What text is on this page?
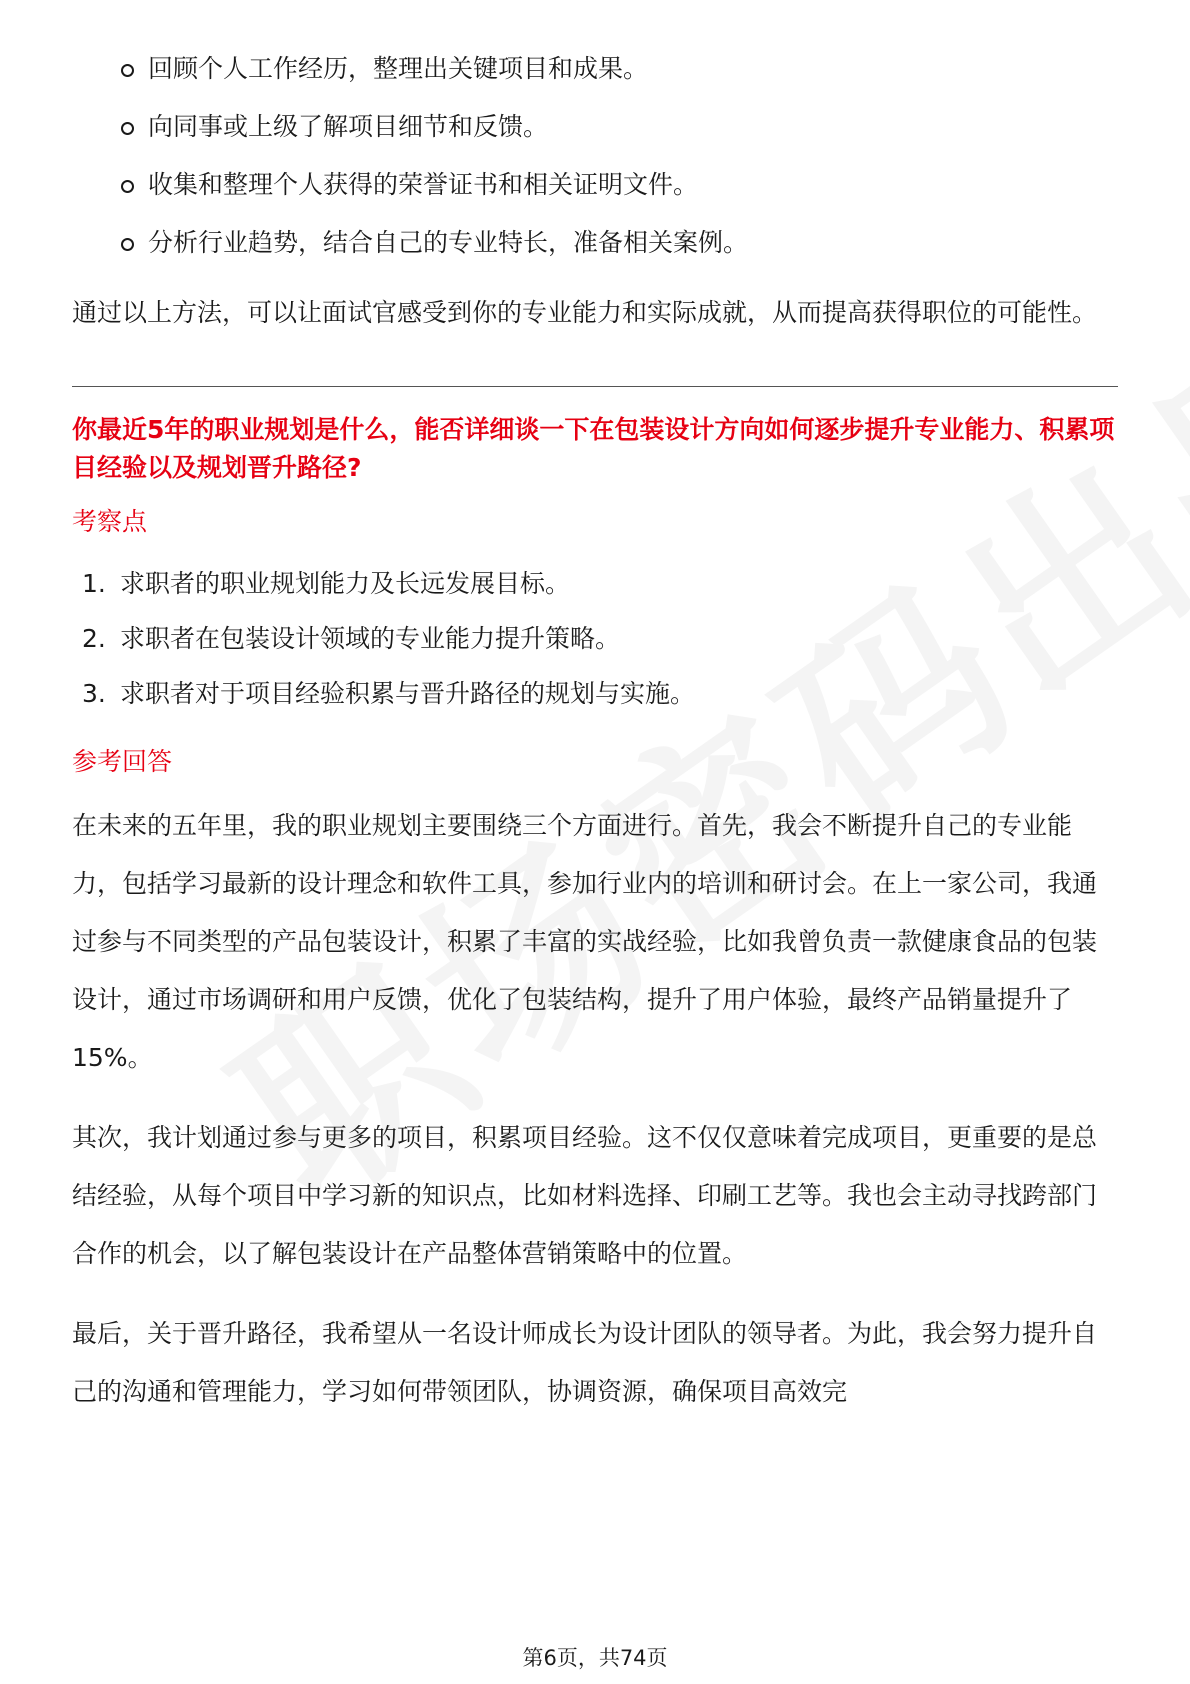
回顾个人工作经历，整理出关键项目和成果。
向同事或上级了解项目细节和反馈。
收集和整理个人获得的荣誉证书和相关证明文件。
分析行业趋势，结合自己的专业特长，准备相关案例。

通过以上方法，可以让面试官感受到你的专业能力和实际成就，从而提高获得职位的可能性。

你最近5年的职业规划是什么，能否详细谈一下在包装设计方向如何逐步提升专业能力、积累项目经验以及规划晋升路径?

考察点
1. 求职者的职业规划能力及长远发展目标。
2. 求职者在包装设计领域的专业能力提升策略。
3. 求职者对于项目经验积累与晋升路径的规划与实施。
参考回答

在未来的五年里，我的职业规划主要围绕三个方面进行。首先，我会不断提升自己的专业能力，包括学习最新的设计理念和软件工具，参加行业内的培训和研讨会。在上一家公司，我通过参与不同类型的产品包装设计，积累了丰富的实战经验，比如我曾负责一款健康食品的包装设计，通过市场调研和用户反馈，优化了包装结构，提升了用户体验，最终产品销量提升了15%。

其次，我计划通过参与更多的项目，积累项目经验。这不仅仅意味着完成项目，更重要的是总结经验，从每个项目中学习新的知识点，比如材料选择、印刷工艺等。我也会主动寻找跨部门合作的机会，以了解包装设计在产品整体营销策略中的位置。

最后，关于晋升路径，我希望从一名设计师成长为设计团队的领导者。为此，我会努力提升自己的沟通和管理能力，学习如何带领团队，协调资源，确保项目高效完

第6页，共74页
